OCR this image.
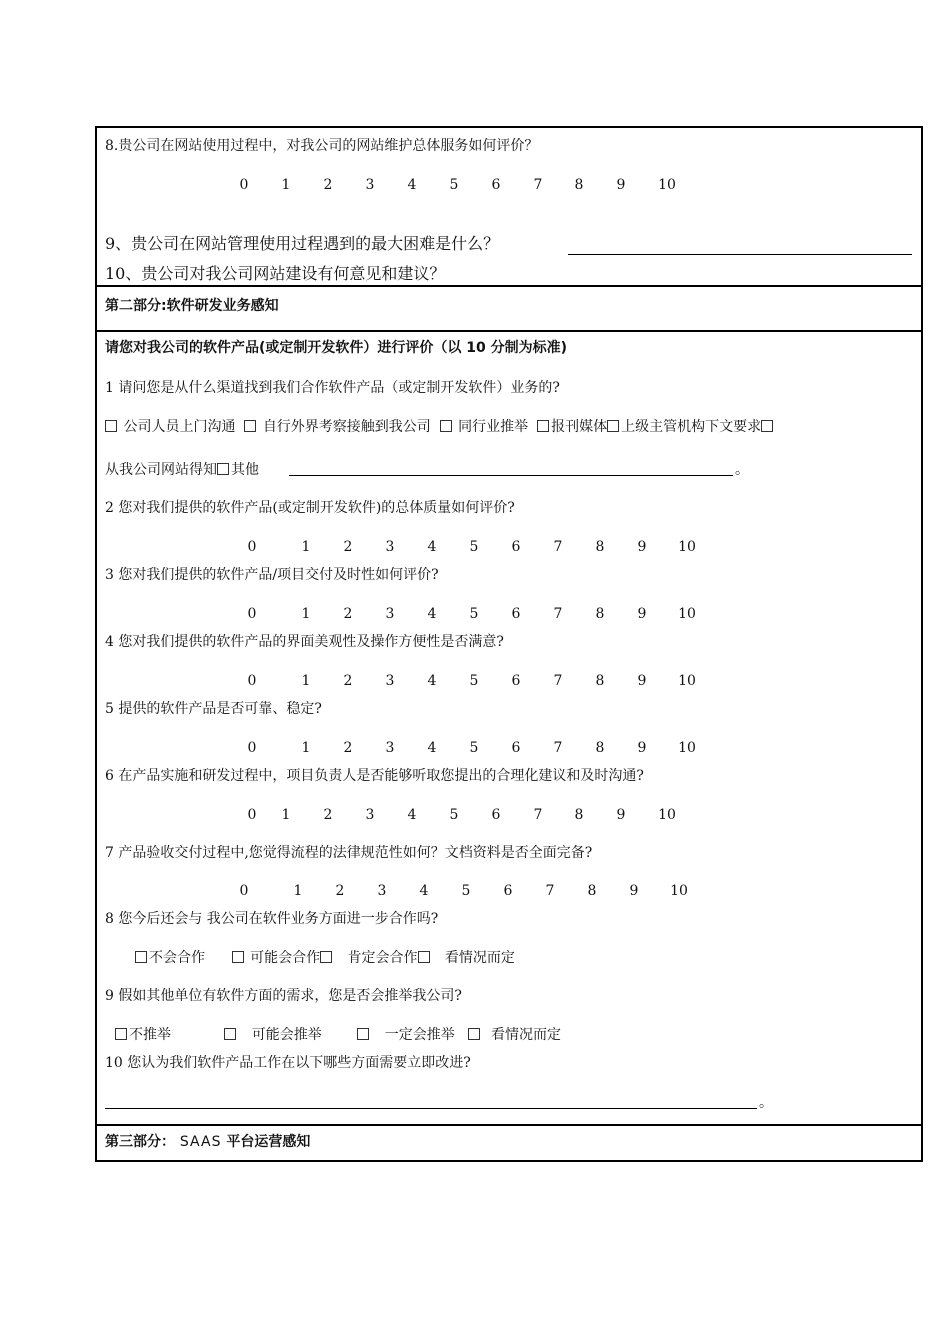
8.贵公司在网站使用过程中，对我公司的网站维护总体服务如何评价？
0 1 2 3 4 5 6 7 8 9 10
9、贵公司在网站管理使用过程遇到的最大困难是什么？
10、贵公司对我公司网站建设有何意见和建议？
第二部分:软件研发业务感知
请您对我公司的软件产品(或定制开发软件）进行评价（以 10 分制为标准)
1 请问您是从什么渠道找到我们合作软件产品（或定制开发软件）业务的?
公司人员上门沟通 自行外界考察接触到我公司 同行业推举 报刊媒体 上级主管机构下文要求
从我公司网站得知 其他	。
2 您对我们提供的软件产品(或定制开发软件)的总体质量如何评价?
0	1 2 3 4 5 6 7 8 9 10
3 您对我们提供的软件产品/项目交付及时性如何评价?
0	1 2 3 4 5 6 7 8 9 10
4 您对我们提供的软件产品的界面美观性及操作方便性是否满意?
0	1 2 3 4 5 6 7 8 9 10
5 提供的软件产品是否可靠、稳定?
0	1 2 3 4 5 6 7 8 9 10
6 在产品实施和研发过程中，项目负责人是否能够听取您提出的合理化建议和及时沟通?
0 1 2 3 4 5 6 7 8 9 10
7 产品验收交付过程中,您觉得流程的法律规范性如何？文档资料是否全面完备?
0	1 2 3 4 5 6 7 8 9 10
8 您今后还会与 我公司在软件业务方面进一步合作吗?
不会合作	可能会合作 肯定会合作 看情况而定
9 假如其他单位有软件方面的需求，您是否会推举我公司?
不推举	可能会推举	一定会推举	看情况而定
10 您认为我们软件产品工作在以下哪些方面需要立即改进?
。
第三部分： SAAS 平台运营感知
